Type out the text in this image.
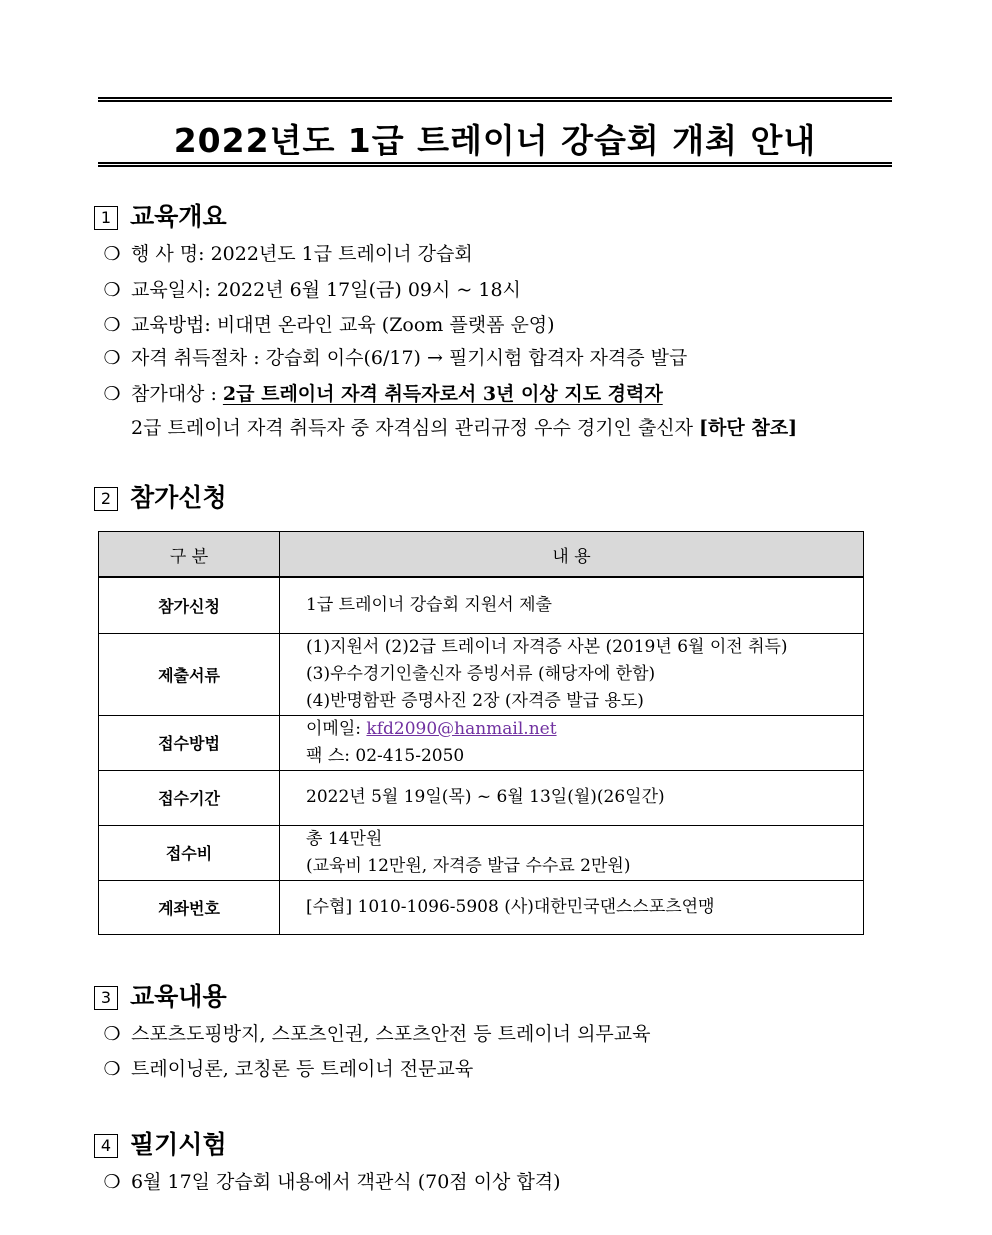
2022년도 1급 트레이너 강습회 개최 안내
1 교육개요
❍ 행 사 명: 2022년도 1급 트레이너 강습회
❍ 교육일시: 2022년 6월 17일(금) 09시 ~ 18시
❍ 교육방법: 비대면 온라인 교육 (Zoom 플랫폼 운영)
❍ 자격 취득절차 : 강습회 이수(6/17) → 필기시험 합격자 자격증 발급
❍ 참가대상 : 2급 트레이너 자격 취득자로서 3년 이상 지도 경력자
2급 트레이너 자격 취득자 중 자격심의 관리규정 우수 경기인 출신자 [하단 참조]
2 참가신청
구 분	내 용
참가신청	1급 트레이너 강습회 지원서 제출
제출서류	(1)지원서 (2)2급 트레이너 자격증 사본 (2019년 6월 이전 취득)
(3)우수경기인출신자 증빙서류 (해당자에 한함)
(4)반명함판 증명사진 2장 (자격증 발급 용도)

접수방법	이메일: kfd2090@hanmail.net
팩 스: 02-415-2050

접수기간	2022년 5월 19일(목) ~ 6월 13일(월)(26일간)
접수비	총 14만원
(교육비 12만원, 자격증 발급 수수료 2만원)

계좌번호	[수협] 1010-1096-5908 (사)대한민국댄스스포츠연맹
3 교육내용
❍ 스포츠도핑방지, 스포츠인권, 스포츠안전 등 트레이너 의무교육
❍ 트레이닝론, 코칭론 등 트레이너 전문교육
4 필기시험
❍ 6월 17일 강습회 내용에서 객관식 (70점 이상 합격)
